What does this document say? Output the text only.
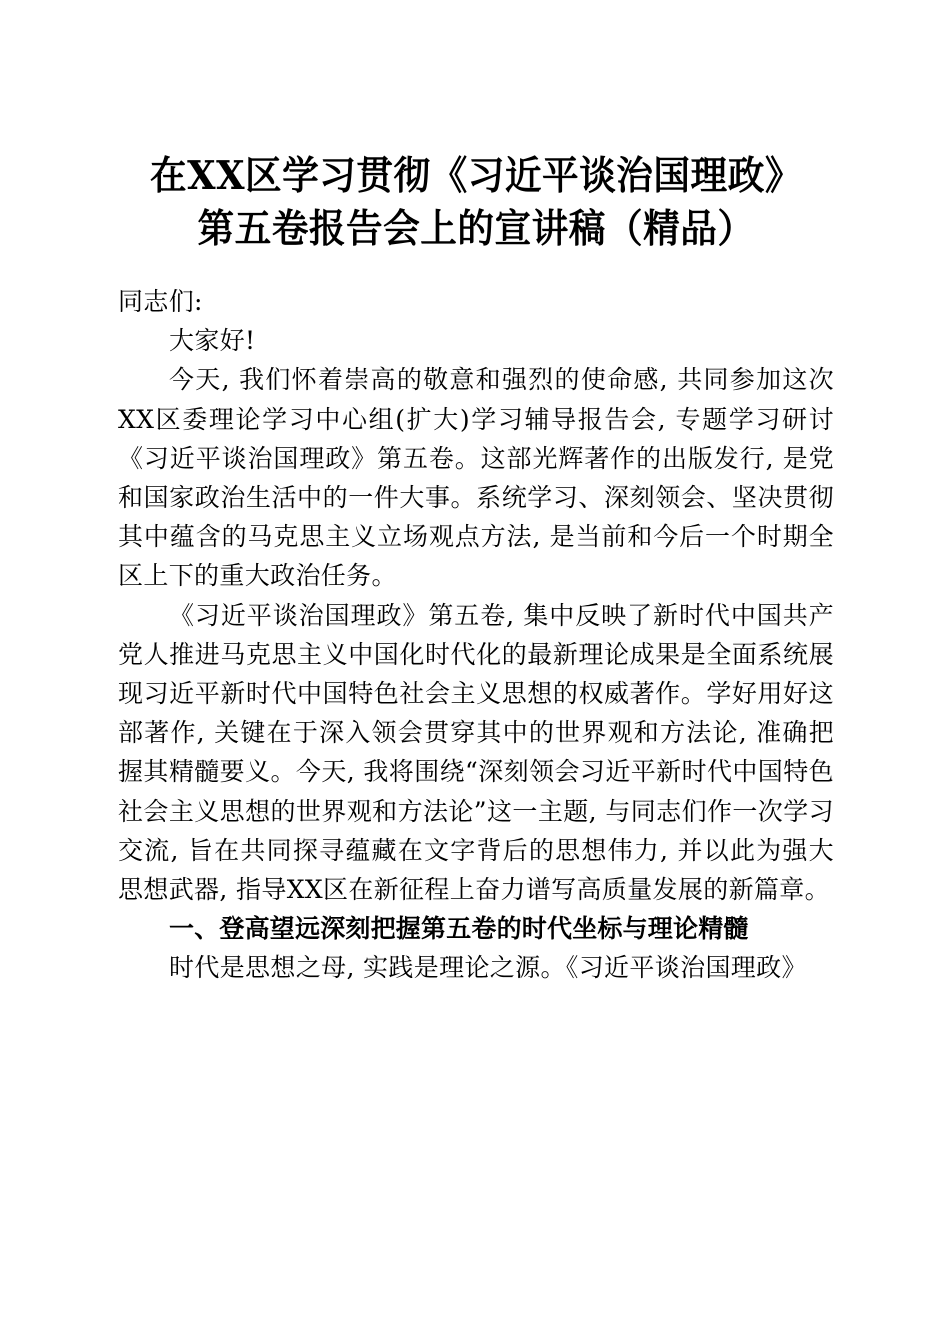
在XX区学习贯彻《习近平谈治国理政》第五卷报告会上的宣讲稿（精品）

同志们:

大家好!

今天, 我们怀着崇高的敬意和强烈的使命感, 共同参加这次XX区委理论学习中心组(扩大)学习辅导报告会, 专题学习研讨《习近平谈治国理政》第五卷。这部光辉著作的出版发行, 是党和国家政治生活中的一件大事。系统学习、深刻领会、坚决贯彻其中蕴含的马克思主义立场观点方法, 是当前和今后一个时期全区上下的重大政治任务。

《习近平谈治国理政》第五卷, 集中反映了新时代中国共产党人推进马克思主义中国化时代化的最新理论成果是全面系统展现习近平新时代中国特色社会主义思想的权威著作。学好用好这部著作, 关键在于深入领会贯穿其中的世界观和方法论, 准确把握其精髓要义。今天, 我将围绕“深刻领会习近平新时代中国特色社会主义思想的世界观和方法论”这一主题, 与同志们作一次学习交流, 旨在共同探寻蕴藏在文字背后的思想伟力, 并以此为强大思想武器, 指导XX区在新征程上奋力谱写高质量发展的新篇章。

一、登高望远深刻把握第五卷的时代坐标与理论精髓

时代是思想之母, 实践是理论之源。《习近平谈治国理政》
